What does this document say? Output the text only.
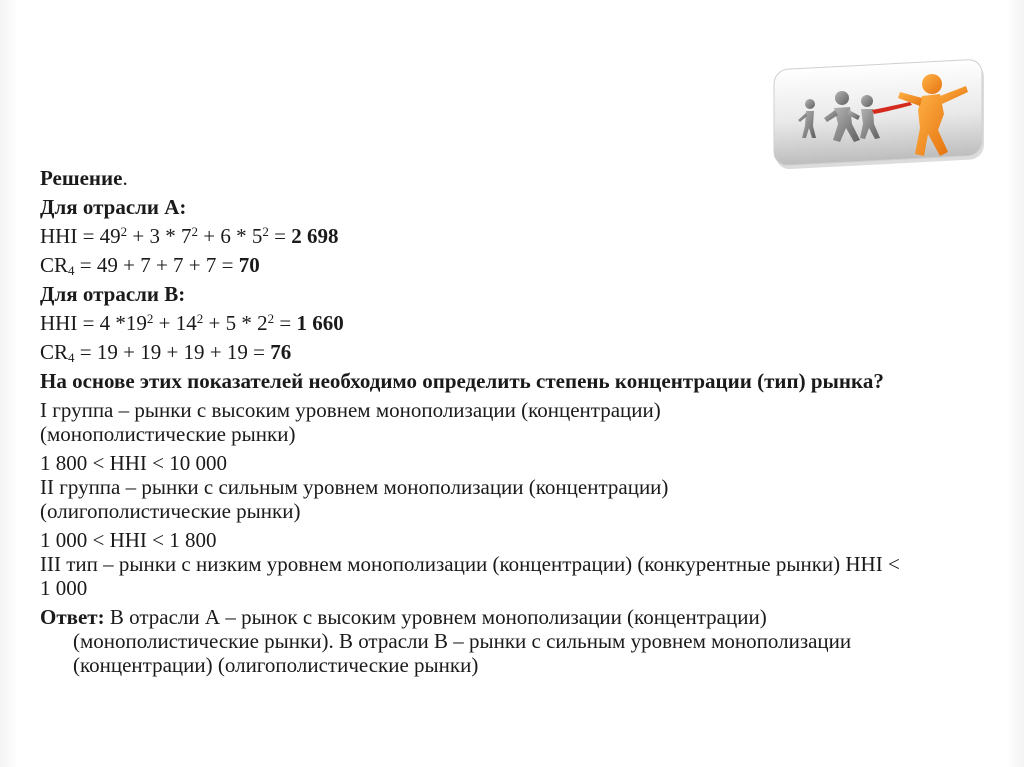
Решение.

Для отрасли А:

HHI = $49^2 + 3 * 7^2 + 6 * 5^2 = 2$ 698

$CR_4 = 49 + 7 + 7 + 7 = 70$

Для отрасли В:

HHI = 4 $*19^2 + 14^2 + 5 * 2^2 = 1$ 660

$CR_4 = 19 + 19 + 19 + 19 = 76$

На основе этих показателей необходимо определить степень концентрации (тип) рынка?

I группа – рынки с высоким уровнем монополизации (концентрации) (монополистические рынки)

1 800 < HHI < 10 000

II группа – рынки с сильным уровнем монополизации (концентрации) (олигополистические рынки)

1 000 < HHI < 1 800

III тип – рынки с низким уровнем монополизации (концентрации) (конкурентные рынки) HHI < 1 000

Ответ: В отрасли А – рынок с высоким уровнем монополизации (концентрации) (монополистические рынки). В отрасли В – рынки с сильным уровнем монополизации (концентрации) (олигополистические рынки)
